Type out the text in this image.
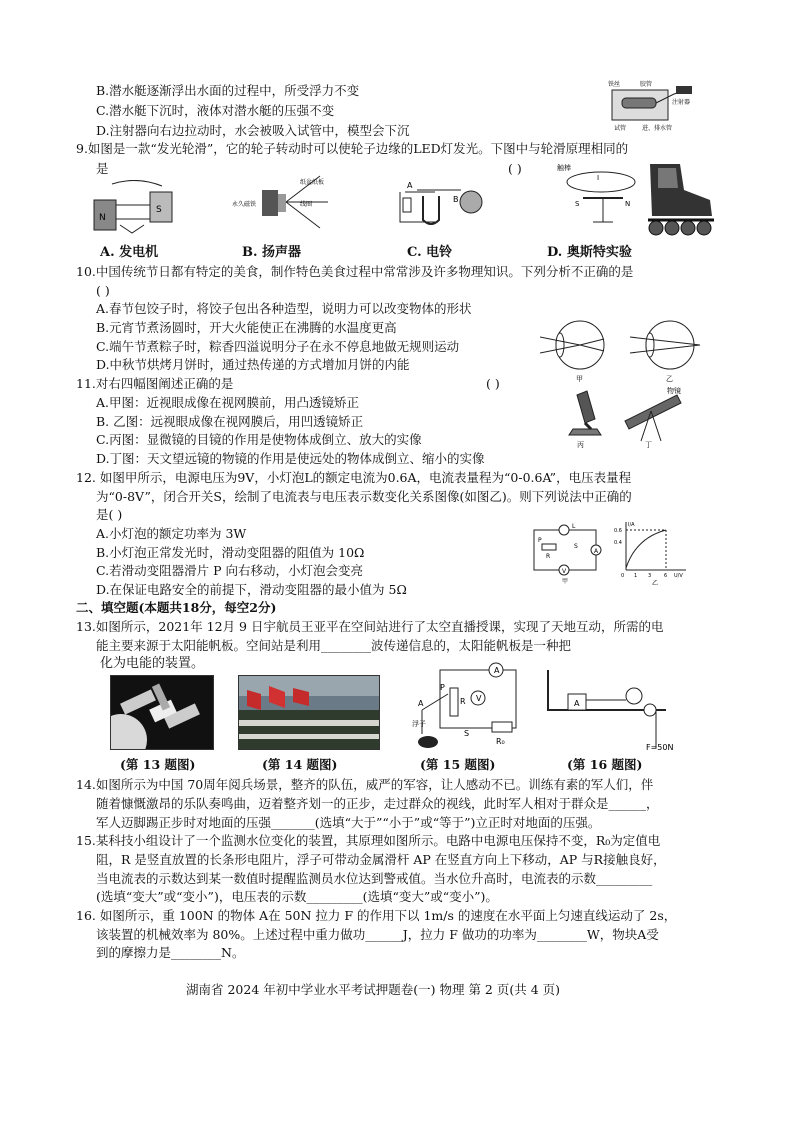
B.潜水艇逐渐浮出水面的过程中，所受浮力不变
C.潜水艇下沉时，液体对潜水艇的压强不变
D.注射器向右边拉动时，水会被吸入试管中，模型会下沉
9.如图是一款“发光轮滑”，它的轮子转动时可以使轮子边缘的LED灯发光。下图中与轮滑原理相同的
是	( )
N
S
永久磁铁	线圈
纸盆纸板	A
B
触棒
I
S	N
铁丝	胶管
注射器
试管	进、排水管
A. 发电机	B. 扬声器	C. 电铃	D. 奥斯特实验
10.中国传统节日都有特定的美食，制作特色美食过程中常常涉及许多物理知识。下列分析不正确的是
( )
A.春节包饺子时，将饺子包出各种造型，说明力可以改变物体的形状
B.元宵节煮汤圆时，开大火能使正在沸腾的水温度更高
C.端午节煮粽子时，粽香四溢说明分子在永不停息地做无规则运动
D.中秋节烘烤月饼时，通过热传递的方式增加月饼的内能
甲	乙
11.对右四幅图阐述正确的是	( )
A.甲图：近视眼成像在视网膜前，用凸透镜矫正
B. 乙图：远视眼成像在视网膜后，用凹透镜矫正
C.丙图：显微镜的目镜的作用是使物体成倒立、放大的实像
D.丁图：天文望远镜的物镜的作用是使远处的物体成倒立、缩小的实像
丙
物镜
丁
12. 如图甲所示，电源电压为9V，小灯泡L的额定电流为0.6A，电流表量程为“0-0.6A”，电压表量程
为“0-8V”，闭合开关S，绘制了电流表与电压表示数变化关系图像(如图乙)。则下列说法中正确的
是( )
A.小灯泡的额定功率为 3W
B.小灯泡正常发光时，滑动变阻器的阻值为 10Ω
C.若滑动变阻器滑片 P 向右移动，小灯泡会变亮
D.在保证电路安全的前提下，滑动变阻器的最小值为 5Ω
L
A
V
P
R
S
甲
I/A
0.6
0.4
0 1 3	6 U/V
乙
二、填空题(本题共18分，每空2分)
13.如图所示，2021年 12月 9 日宇航员王亚平在空间站进行了太空直播授课，实现了天地互动，所需的电
能主要来源于太阳能帆板。空间站是利用________波传递信息的，太阳能帆板是一种把
化为电能的装置。	A
V
P
R
A
S
R₀
浮子
A
F=50N
(第 13 题图)	(第 14 题图)	(第 15 题图)	(第 16 题图)
14.如图所示为中国 70周年阅兵场景，整齐的队伍，威严的军容，让人感动不已。训练有素的军人们，伴
随着慷慨激昂的乐队奏鸣曲，迈着整齐划一的正步，走过群众的视线，此时军人相对于群众是______，
军人迈脚踢正步时对地面的压强_______(选填“大于”“小于”或“等于”)立正时对地面的压强。
15.某科技小组设计了一个监测水位变化的装置，其原理如图所示。电路中电源电压保持不变，R₀为定值电
阻，R 是竖直放置的长条形电阻片，浮子可带动金属滑杆 AP 在竖直方向上下移动，AP 与R接触良好，
当电流表的示数达到某一数值时提醒监测员水位达到警戒值。当水位升高时，电流表的示数_________
(选填“变大”或“变小”)，电压表的示数_________(选填“变大”或“变小”)。
16. 如图所示，重 100N 的物体 A在 50N 拉力 F 的作用下以 1m/s 的速度在水平面上匀速直线运动了 2s，
该装置的机械效率为 80%。上述过程中重力做功______J，拉力 F 做功的功率为________W，物块A受
到的摩擦力是________N。
湖南省 2024 年初中学业水平考试押题卷(一) 物理 第 2 页(共 4 页)
